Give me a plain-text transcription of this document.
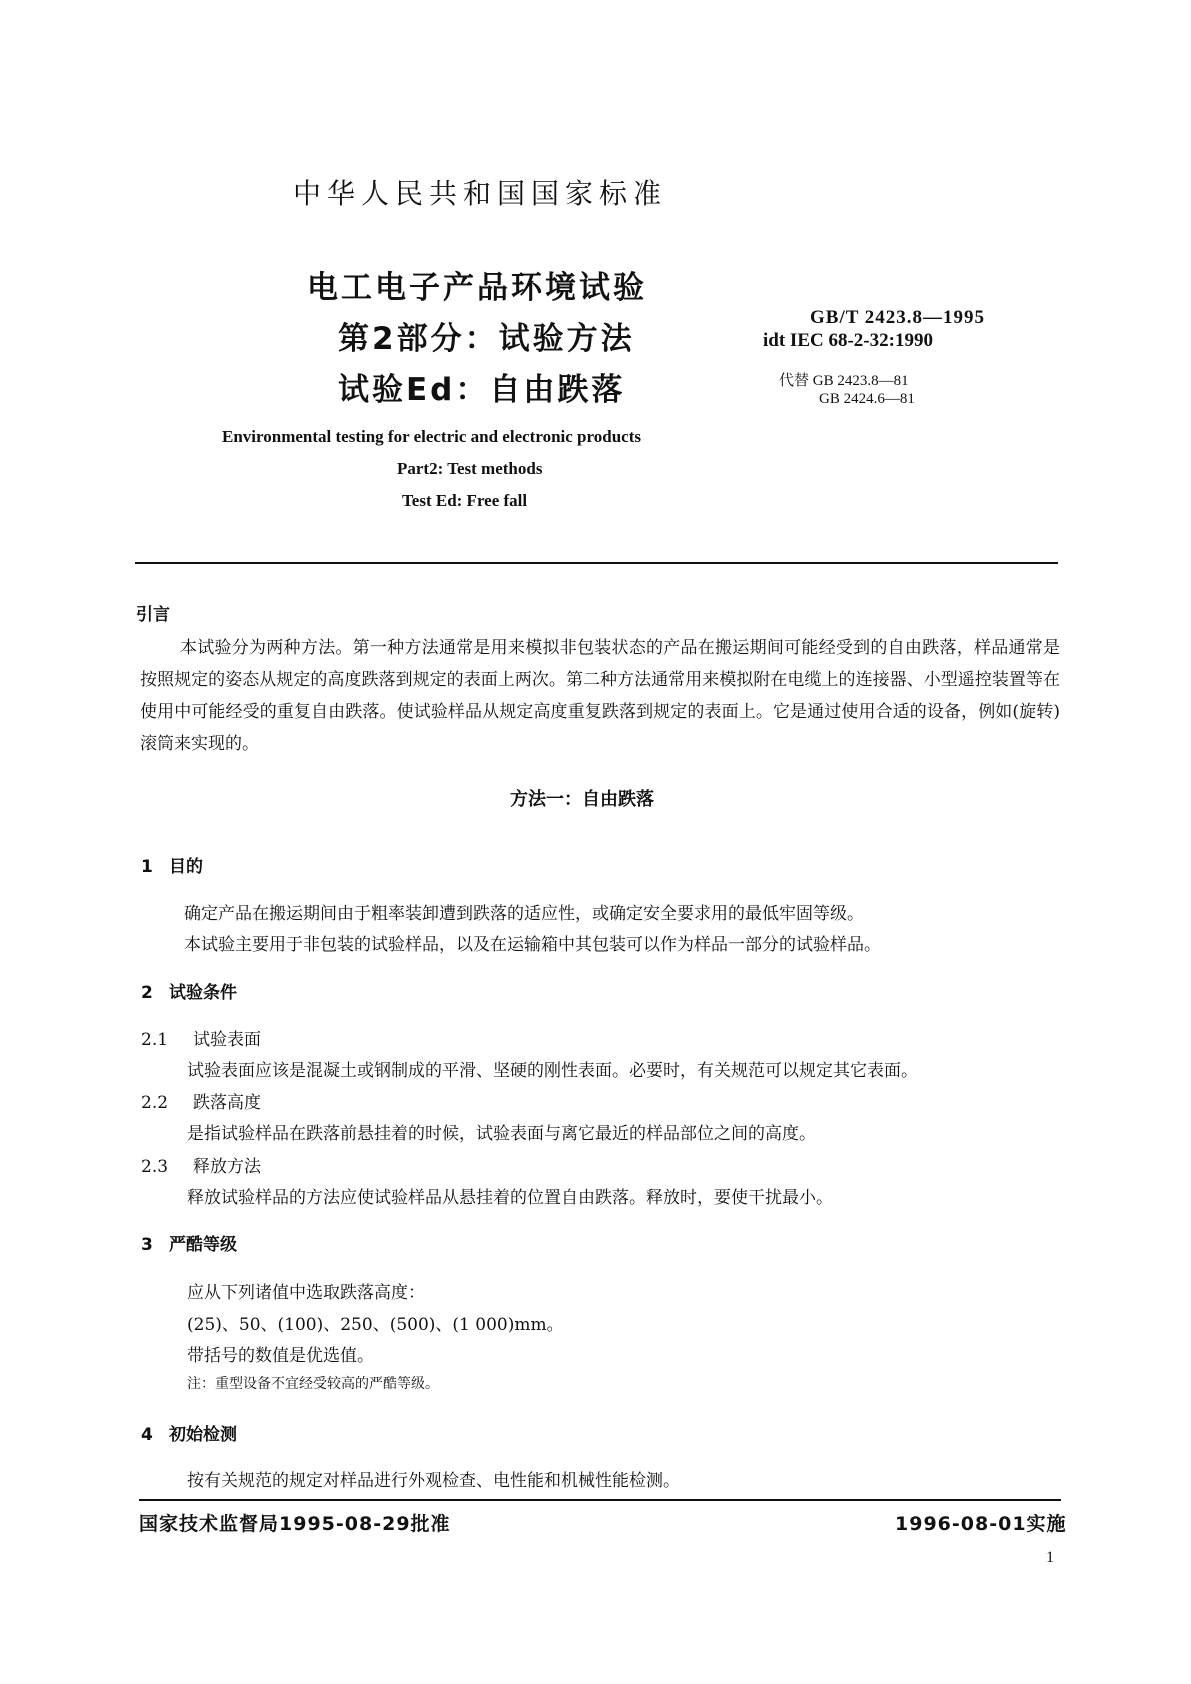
中华人民共和国国家标准
电工电子产品环境试验
第2部分：试验方法
试验Ed：自由跌落
GB/T 2423.8—1995
idt IEC 68-2-32:1990
代替 GB 2423.8—81
GB 2424.6—81
Environmental testing for electric and electronic products
Part2: Test methods
Test Ed: Free fall
引言
本试验分为两种方法。第一种方法通常是用来模拟非包装状态的产品在搬运期间可能经受到的自由跌落，样品通常是按照规定的姿态从规定的高度跌落到规定的表面上两次。第二种方法通常用来模拟附在电缆上的连接器、小型遥控装置等在使用中可能经受的重复自由跌落。使试验样品从规定高度重复跌落到规定的表面上。它是通过使用合适的设备，例如(旋转)滚筒来实现的。
方法一：自由跌落
1 目的
确定产品在搬运期间由于粗率装卸遭到跌落的适应性，或确定安全要求用的最低牢固等级。
本试验主要用于非包装的试验样品，以及在运输箱中其包装可以作为样品一部分的试验样品。
2 试验条件
2.1 试验表面
试验表面应该是混凝土或钢制成的平滑、坚硬的刚性表面。必要时，有关规范可以规定其它表面。
2.2 跌落高度
是指试验样品在跌落前悬挂着的时候，试验表面与离它最近的样品部位之间的高度。
2.3 释放方法
释放试验样品的方法应使试验样品从悬挂着的位置自由跌落。释放时，要使干扰最小。
3 严酷等级
应从下列诸值中选取跌落高度：
(25)、50、(100)、250、(500)、(1 000)mm。
带括号的数值是优选值。
注：重型设备不宜经受较高的严酷等级。
4 初始检测
按有关规范的规定对样品进行外观检查、电性能和机械性能检测。
国家技术监督局1995-08-29批准	1996-08-01实施
1
